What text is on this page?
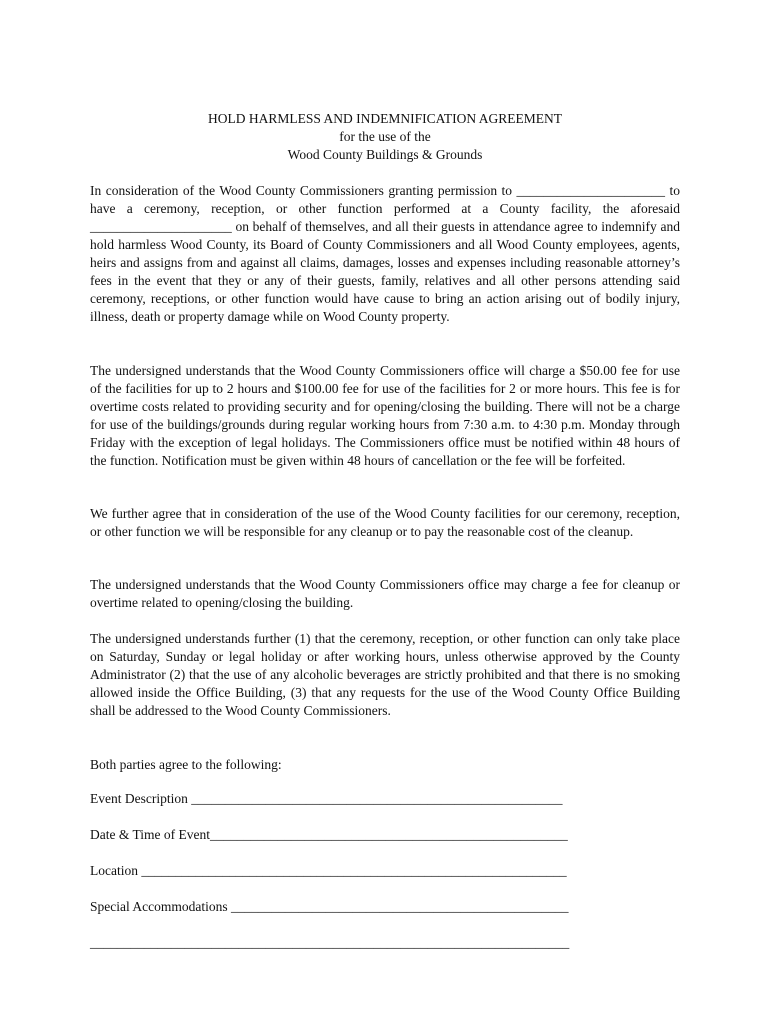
HOLD HARMLESS AND INDEMNIFICATION AGREEMENT
for the use of the
Wood County Buildings & Grounds
In consideration of the Wood County Commissioners granting permission to ______________________ to have a ceremony, reception, or other function performed at a County facility, the aforesaid _____________________ on behalf of themselves, and all their guests in attendance agree to indemnify and hold harmless Wood County, its Board of County Commissioners and all Wood County employees, agents, heirs and assigns from and against all claims, damages, losses and expenses including reasonable attorney’s fees in the event that they or any of their guests, family, relatives and all other persons attending said ceremony, receptions, or other function would have cause to bring an action arising out of bodily injury, illness, death or property damage while on Wood County property.
The undersigned understands that the Wood County Commissioners office will charge a $50.00 fee for use of the facilities for up to 2 hours and $100.00 fee for use of the facilities for 2 or more hours. This fee is for overtime costs related to providing security and for opening/closing the building. There will not be a charge for use of the buildings/grounds during regular working hours from 7:30 a.m. to 4:30 p.m. Monday through Friday with the exception of legal holidays. The Commissioners office must be notified within 48 hours of the function. Notification must be given within 48 hours of cancellation or the fee will be forfeited.
We further agree that in consideration of the use of the Wood County facilities for our ceremony, reception, or other function we will be responsible for any cleanup or to pay the reasonable cost of the cleanup.
The undersigned understands that the Wood County Commissioners office may charge a fee for cleanup or overtime related to opening/closing the building.
The undersigned understands further (1) that the ceremony, reception, or other function can only take place on Saturday, Sunday or legal holiday or after working hours, unless otherwise approved by the County Administrator (2) that the use of any alcoholic beverages are strictly prohibited and that there is no smoking allowed inside the Office Building, (3) that any requests for the use of the Wood County Office Building shall be addressed to the Wood County Commissioners.
Both parties agree to the following:
Event Description _______________________________________________________
Date & Time of Event_____________________________________________________
Location _______________________________________________________________
Special Accommodations __________________________________________________
_______________________________________________________________________
